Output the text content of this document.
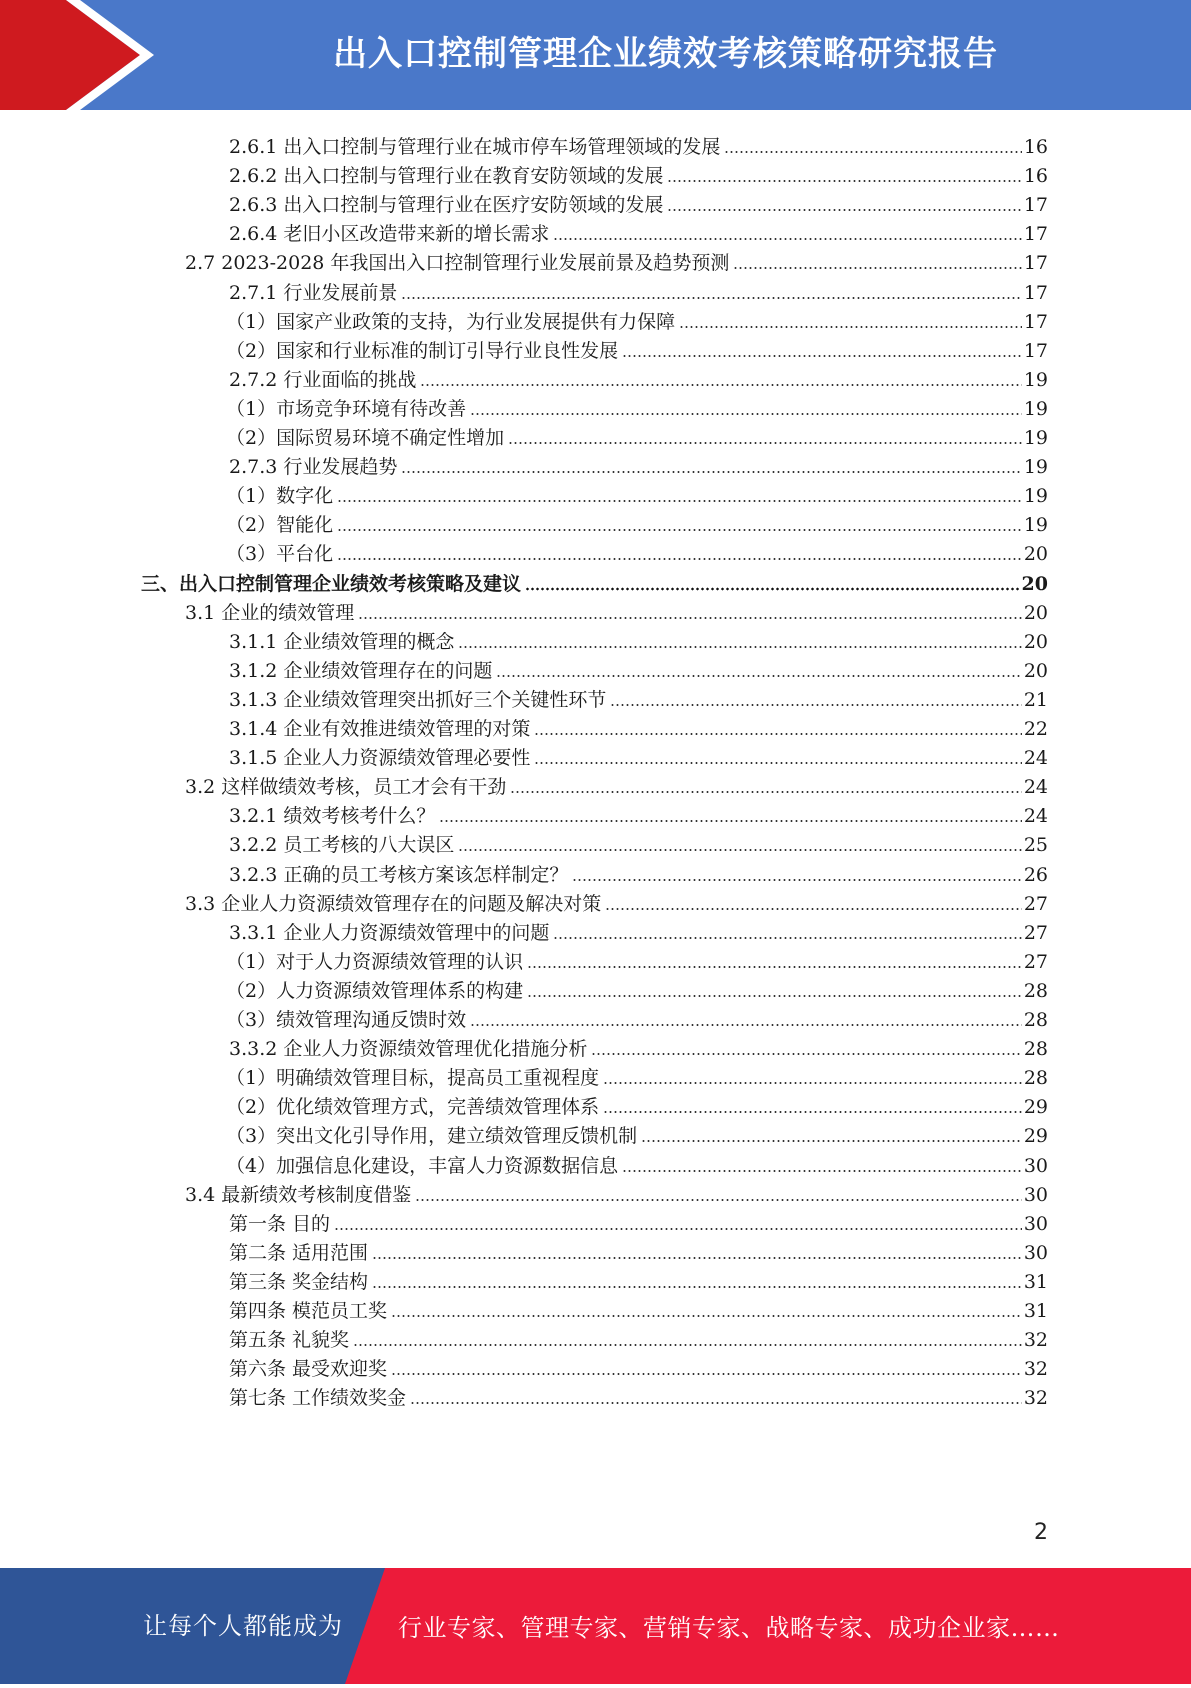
出入口控制管理企业绩效考核策略研究报告
2.6.1 出入口控制与管理行业在城市停车场管理领域的发展	16
2.6.2 出入口控制与管理行业在教育安防领域的发展	16
2.6.3 出入口控制与管理行业在医疗安防领域的发展	17
2.6.4 老旧小区改造带来新的增长需求	17
2.7 2023-2028 年我国出入口控制管理行业发展前景及趋势预测	17
2.7.1 行业发展前景	17
（1）国家产业政策的支持，为行业发展提供有力保障	17
（2）国家和行业标准的制订引导行业良性发展	17
2.7.2 行业面临的挑战	19
（1）市场竞争环境有待改善	19
（2）国际贸易环境不确定性增加	19
2.7.3 行业发展趋势	19
（1）数字化	19
（2）智能化	19
（3）平台化	20
三、出入口控制管理企业绩效考核策略及建议	20
3.1 企业的绩效管理	20
3.1.1 企业绩效管理的概念	20
3.1.2 企业绩效管理存在的问题	20
3.1.3 企业绩效管理突出抓好三个关键性环节	21
3.1.4 企业有效推进绩效管理的对策	22
3.1.5 企业人力资源绩效管理必要性	24
3.2 这样做绩效考核，员工才会有干劲	24
3.2.1 绩效考核考什么？	24
3.2.2 员工考核的八大误区	25
3.2.3 正确的员工考核方案该怎样制定？	26
3.3 企业人力资源绩效管理存在的问题及解决对策	27
3.3.1 企业人力资源绩效管理中的问题	27
（1）对于人力资源绩效管理的认识	27
（2）人力资源绩效管理体系的构建	28
（3）绩效管理沟通反馈时效	28
3.3.2 企业人力资源绩效管理优化措施分析	28
（1）明确绩效管理目标，提高员工重视程度	28
（2）优化绩效管理方式，完善绩效管理体系	29
（3）突出文化引导作用，建立绩效管理反馈机制	29
（4）加强信息化建设，丰富人力资源数据信息	30
3.4 最新绩效考核制度借鉴	30
第一条 目的	30
第二条 适用范围	30
第三条 奖金结构	31
第四条 模范员工奖	31
第五条 礼貌奖	32
第六条 最受欢迎奖	32
第七条 工作绩效奖金	32
2
让每个人都能成为 行业专家、管理专家、营销专家、战略专家、成功企业家……
